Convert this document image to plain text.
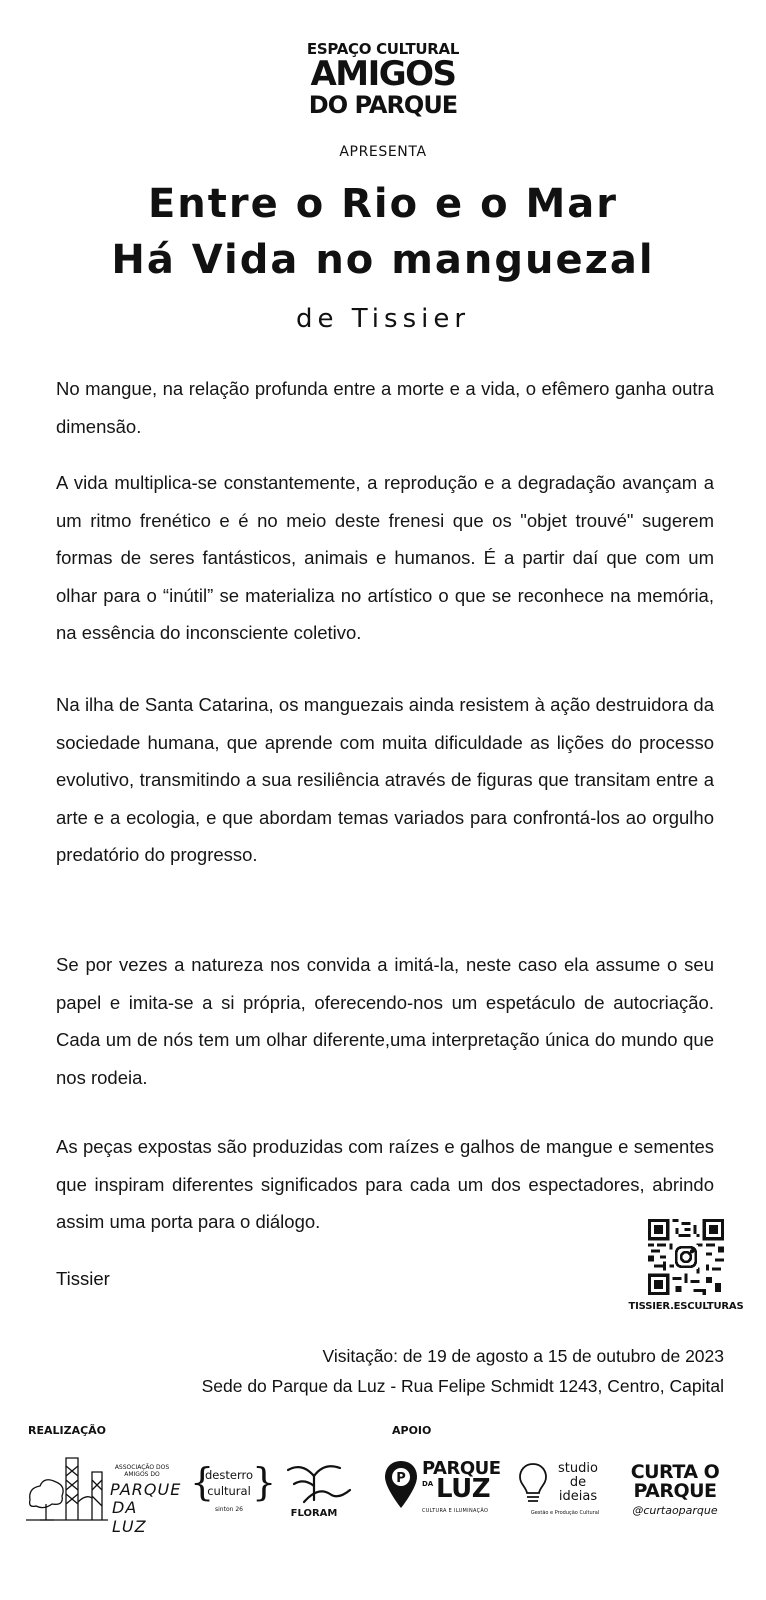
ESPAÇO CULTURAL
AMIGOS
DO PARQUE
APRESENTA
Entre o Rio e o Mar
Há Vida no manguezal
de Tissier

No mangue, na relação profunda entre a morte e a vida, o efêmero ganha outra dimensão.

A vida multiplica-se constantemente, a reprodução e a degradação avançam a um ritmo frenético e é no meio deste frenesi que os "objet trouvé" sugerem formas de seres fantásticos, animais e humanos. É a partir daí que com um olhar para o “inútil” se materializa no artístico o que se reconhece na memória, na essência do inconsciente coletivo.

Na ilha de Santa Catarina, os manguezais ainda resistem à ação destruidora da sociedade humana, que aprende com muita dificuldade as lições do processo evolutivo, transmitindo a sua resiliência através de figuras que transitam entre a arte e a ecologia, e que abordam temas variados para confrontá-los ao orgulho predatório do progresso.

Se por vezes a natureza nos convida a imitá-la, neste caso ela assume o seu papel e imita-se a si própria, oferecendo-nos um espetáculo de autocriação. Cada um de nós tem um olhar diferente,uma interpretação única do mundo que nos rodeia.

As peças expostas são produzidas com raízes e galhos de mangue e sementes que inspiram diferentes significados para cada um dos espectadores, abrindo assim uma porta para o diálogo.

Tissier
TISSIER.ESCULTURAS
Visitação: de 19 de agosto a 15 de outubro de 2023
Sede do Parque da Luz - Rua Felipe Schmidt 1243, Centro, Capital
REALIZAÇÃO	APOIO
ASSOCIAÇÃO DOS AMIGOS DO
PARQUE
DA LUZ
{ }
desterro
cultural
sinton 26	FLORAM
P PARQUE
DA LUZ
CULTURA E ILUMINAÇÃO
studio
de
ideias
Gestão e Produção Cultural
CURTA O
PARQUE
@curtaoparque
